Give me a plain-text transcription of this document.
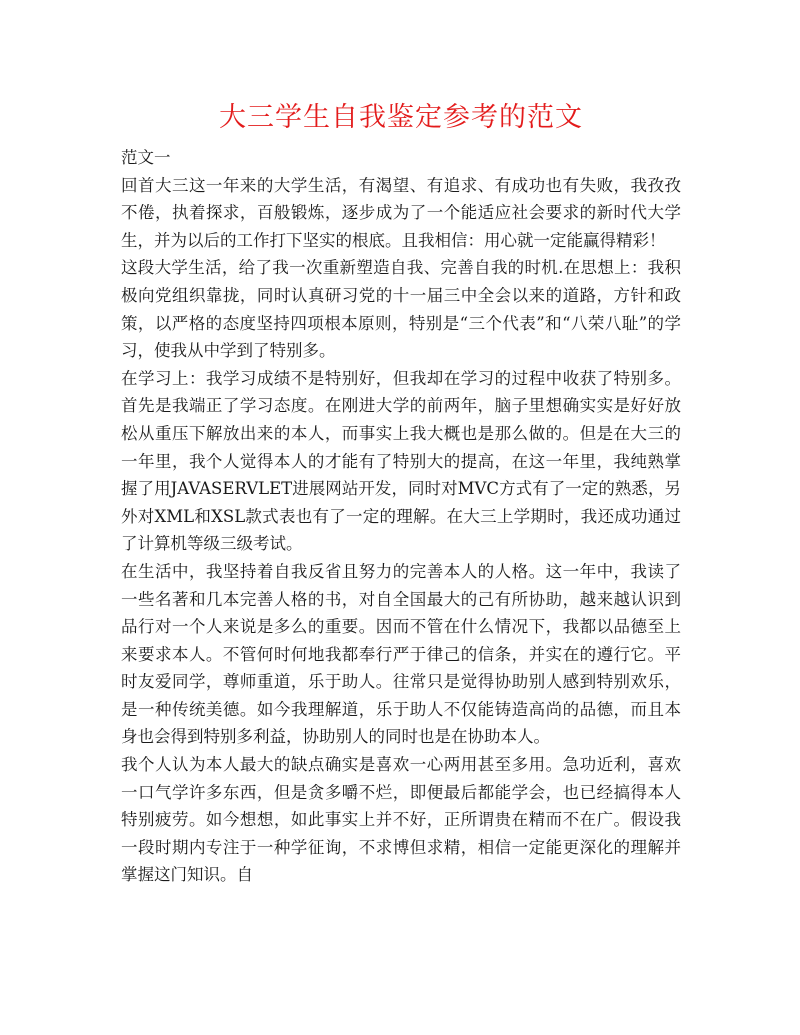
大三学生自我鉴定参考的范文

范文一

回首大三这一年来的大学生活，有渴望、有追求、有成功也有失败，我孜孜不倦，执着探求，百般锻炼，逐步成为了一个能适应社会要求的新时代大学生，并为以后的工作打下坚实的根底。且我相信：用心就一定能赢得精彩！

这段大学生活，给了我一次重新塑造自我、完善自我的时机.在思想上：我积极向党组织靠拢，同时认真研习党的十一届三中全会以来的道路，方针和政策，以严格的态度坚持四项根本原则，特别是“三个代表”和“八荣八耻”的学习，使我从中学到了特别多。

在学习上：我学习成绩不是特别好，但我却在学习的过程中收获了特别多。首先是我端正了学习态度。在刚进大学的前两年，脑子里想确实实是好好放松从重压下解放出来的本人，而事实上我大概也是那么做的。但是在大三的一年里，我个人觉得本人的才能有了特别大的提高，在这一年里，我纯熟掌握了用JAVASERVLET进展网站开发，同时对MVC方式有了一定的熟悉，另外对XML和XSL款式表也有了一定的理解。在大三上学期时，我还成功通过了计算机等级三级考试。

在生活中，我坚持着自我反省且努力的完善本人的人格。这一年中，我读了一些名著和几本完善人格的书，对自全国最大的己有所协助，越来越认识到品行对一个人来说是多么的重要。因而不管在什么情况下，我都以品德至上来要求本人。不管何时何地我都奉行严于律己的信条，并实在的遵行它。平时友爱同学，尊师重道，乐于助人。往常只是觉得协助别人感到特别欢乐，是一种传统美德。如今我理解道，乐于助人不仅能铸造高尚的品德，而且本身也会得到特别多利益，协助别人的同时也是在协助本人。

我个人认为本人最大的缺点确实是喜欢一心两用甚至多用。急功近利，喜欢一口气学许多东西，但是贪多嚼不烂，即便最后都能学会，也已经搞得本人特别疲劳。如今想想，如此事实上并不好，正所谓贵在精而不在广。假设我一段时期内专注于一种学征询，不求博但求精，相信一定能更深化的理解并掌握这门知识。自
